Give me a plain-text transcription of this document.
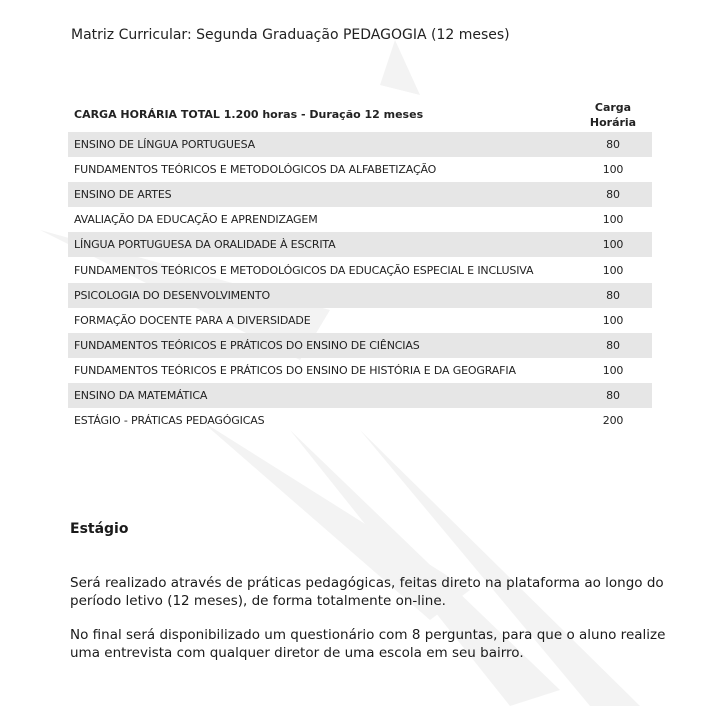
Matriz Curricular: Segunda Graduação PEDAGOGIA (12 meses)
CARGA HORÁRIA TOTAL 1.200 horas - Duração 12 meses	Carga
Horária
ENSINO DE LÍNGUA PORTUGUESA	80
FUNDAMENTOS TEÓRICOS E METODOLÓGICOS DA ALFABETIZAÇÃO	100
ENSINO DE ARTES	80
AVALIAÇÃO DA EDUCAÇÃO E APRENDIZAGEM	100
LÍNGUA PORTUGUESA DA ORALIDADE À ESCRITA	100
FUNDAMENTOS TEÓRICOS E METODOLÓGICOS DA EDUCAÇÃO ESPECIAL E INCLUSIVA	100
PSICOLOGIA DO DESENVOLVIMENTO	80
FORMAÇÃO DOCENTE PARA A DIVERSIDADE	100
FUNDAMENTOS TEÓRICOS E PRÁTICOS DO ENSINO DE CIÊNCIAS	80
FUNDAMENTOS TEÓRICOS E PRÁTICOS DO ENSINO DE HISTÓRIA E DA GEOGRAFIA	100
ENSINO DA MATEMÁTICA	80
ESTÁGIO - PRÁTICAS PEDAGÓGICAS	200
Estágio

Será realizado através de práticas pedagógicas, feitas direto na plataforma ao longo do período letivo (12 meses), de forma totalmente on-line.

No final será disponibilizado um questionário com 8 perguntas, para que o aluno realize uma entrevista com qualquer diretor de uma escola em seu bairro.
